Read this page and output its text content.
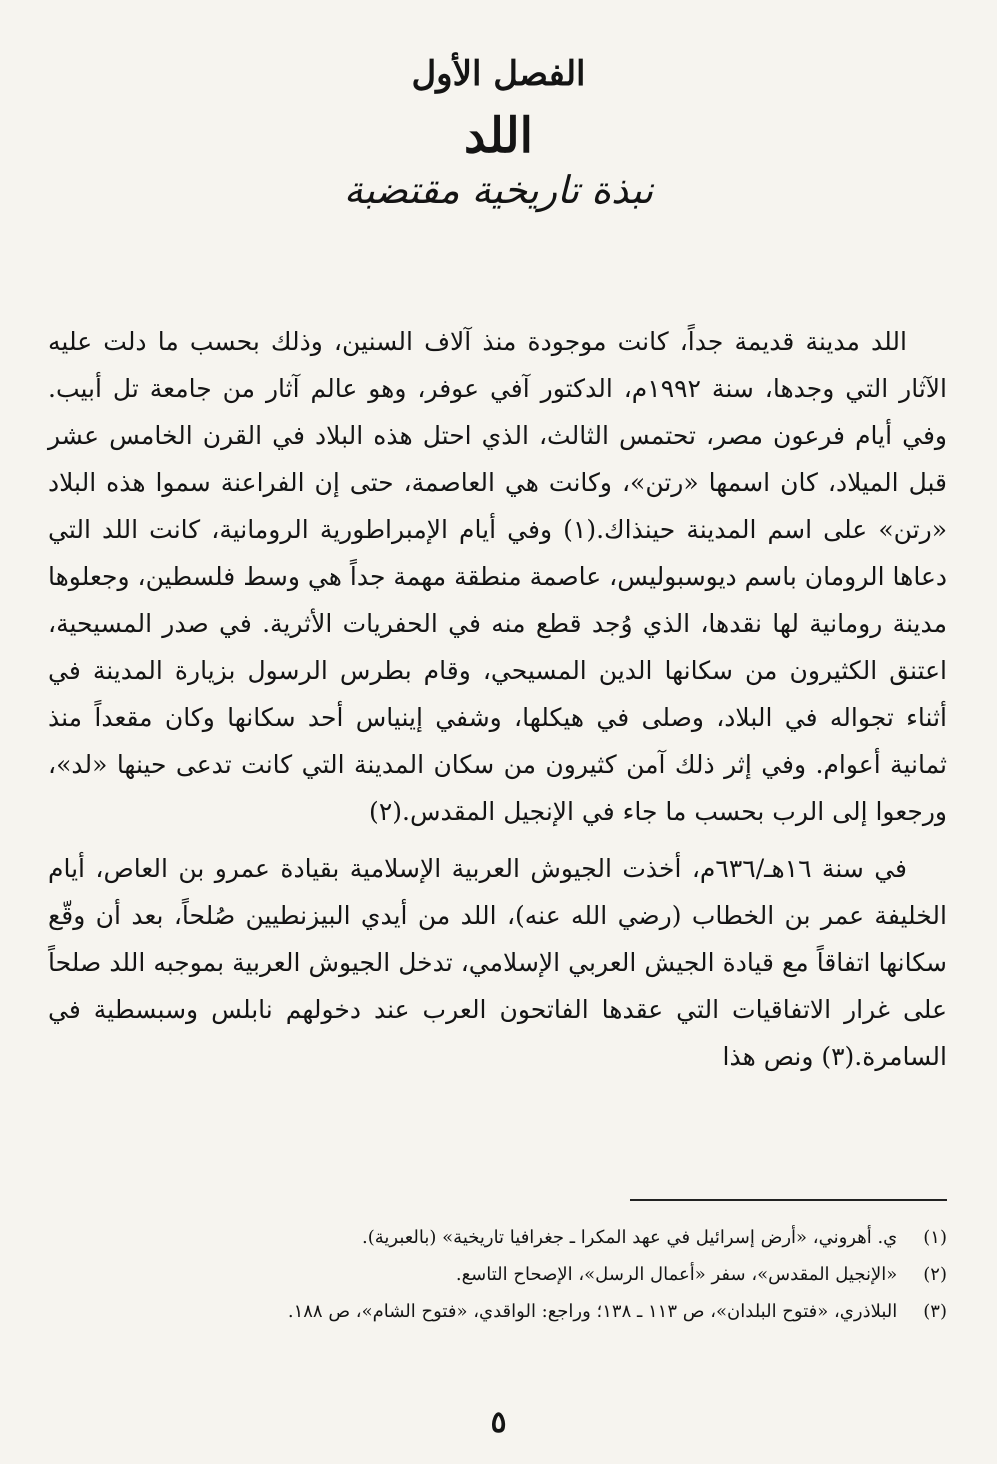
الفصل الأول
اللد
نبذة تاريخية مقتضبة

اللد مدينة قديمة جداً، كانت موجودة منذ آلاف السنين، وذلك بحسب ما دلت عليه الآثار التي وجدها، سنة ١٩٩٢م، الدكتور آفي عوفر، وهو عالم آثار من جامعة تل أبيب. وفي أيام فرعون مصر، تحتمس الثالث، الذي احتل هذه البلاد في القرن الخامس عشر قبل الميلاد، كان اسمها «رتن»، وكانت هي العاصمة، حتى إن الفراعنة سموا هذه البلاد «رتن» على اسم المدينة حينذاك.(١) وفي أيام الإمبراطورية الرومانية، كانت اللد التي دعاها الرومان باسم ديوسبوليس، عاصمة منطقة مهمة جداً هي وسط فلسطين، وجعلوها مدينة رومانية لها نقدها، الذي وُجد قطع منه في الحفريات الأثرية. في صدر المسيحية، اعتنق الكثيرون من سكانها الدين المسيحي، وقام بطرس الرسول بزيارة المدينة في أثناء تجواله في البلاد، وصلى في هيكلها، وشفي إينياس أحد سكانها وكان مقعداً منذ ثمانية أعوام. وفي إثر ذلك آمن كثيرون من سكان المدينة التي كانت تدعى حينها «لد»، ورجعوا إلى الرب بحسب ما جاء في الإنجيل المقدس.(٢)

في سنة ١٦هـ/٦٣٦م، أخذت الجيوش العربية الإسلامية بقيادة عمرو بن العاص، أيام الخليفة عمر بن الخطاب (رضي الله عنه)، اللد من أيدي البيزنطيين صُلحاً، بعد أن وقّع سكانها اتفاقاً مع قيادة الجيش العربي الإسلامي، تدخل الجيوش العربية بموجبه اللد صلحاً على غرار الاتفاقيات التي عقدها الفاتحون العرب عند دخولهم نابلس وسبسطية في السامرة.(٣) ونص هذا

(١) ي. أهروني، «أرض إسرائيل في عهد المكرا ـ جغرافيا تاريخية» (بالعبرية).

(٢) «الإنجيل المقدس»، سفر «أعمال الرسل»، الإصحاح التاسع.

(٣) البلاذري، «فتوح البلدان»، ص ١١٣ ـ ١٣٨؛ وراجع: الواقدي، «فتوح الشام»، ص ١٨٨.

٥
